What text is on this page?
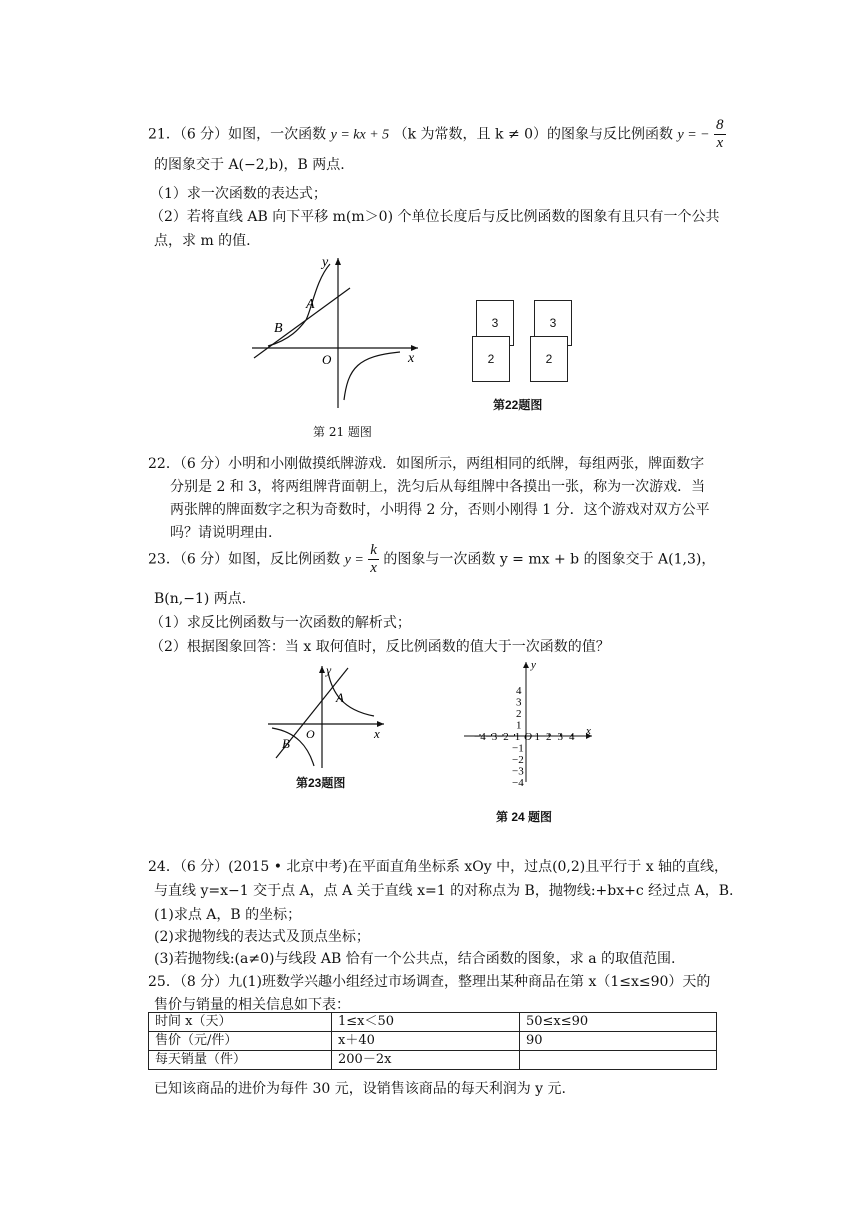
21．（6 分）如图，一次函数 y = kx + 5 （k 为常数，且 k ≠ 0）的图象与反比例函数 y = − $\frac{8}{x}$
的图象交于 A(−2,b)，B 两点.
（1）求一次函数的表达式；
（2）若将直线 AB 向下平移 m(m＞0) 个单位长度后与反比例函数的图象有且只有一个公共
点，求 m 的值.
y
x
O
A
B
第 21 题图
3
2
3
2
第22题图
22．（6 分）小明和小刚做摸纸牌游戏．如图所示，两组相同的纸牌，每组两张，牌面数字
分别是 2 和 3，将两组牌背面朝上，洗匀后从每组牌中各摸出一张，称为一次游戏．当
两张牌的牌面数字之积为奇数时，小明得 2 分，否则小刚得 1 分．这个游戏对双方公平
吗？请说明理由.
23．（6 分）如图，反比例函数 $y = \frac{k}{x}$ 的图象与一次函数 y = mx + b 的图象交于 A(1,3)，
B(n,−1) 两点.
（1）求反比例函数与一次函数的解析式；
（2）根据图象回答：当 x 取何值时，反比例函数的值大于一次函数的值？
y
x
O
A
B
第23题图
y
x
−4 −3 −2 −1 O 1 2 3 4
4
3
2
1
−1
−2
−3
−4
第 24 题图
24．（6 分）(2015 • 北京中考)在平面直角坐标系 xOy 中，过点(0,2)且平行于 x 轴的直线，
与直线 y=x−1 交于点 A，点 A 关于直线 x=1 的对称点为 B，抛物线:+bx+c 经过点 A，B.
(1)求点 A，B 的坐标；
(2)求抛物线的表达式及顶点坐标；
(3)若抛物线:(a≠0)与线段 AB 恰有一个公共点，结合函数的图象，求 a 的取值范围.
25．（8 分）九(1)班数学兴趣小组经过市场调查，整理出某种商品在第 x（1≤x≤90）天的
售价与销量的相关信息如下表：
时间 x（天）	1≤x＜50	50≤x≤90
售价（元/件）	x＋40	90
每天销量（件）	200－2x	
已知该商品的进价为每件 30 元，设销售该商品的每天利润为 y 元.
